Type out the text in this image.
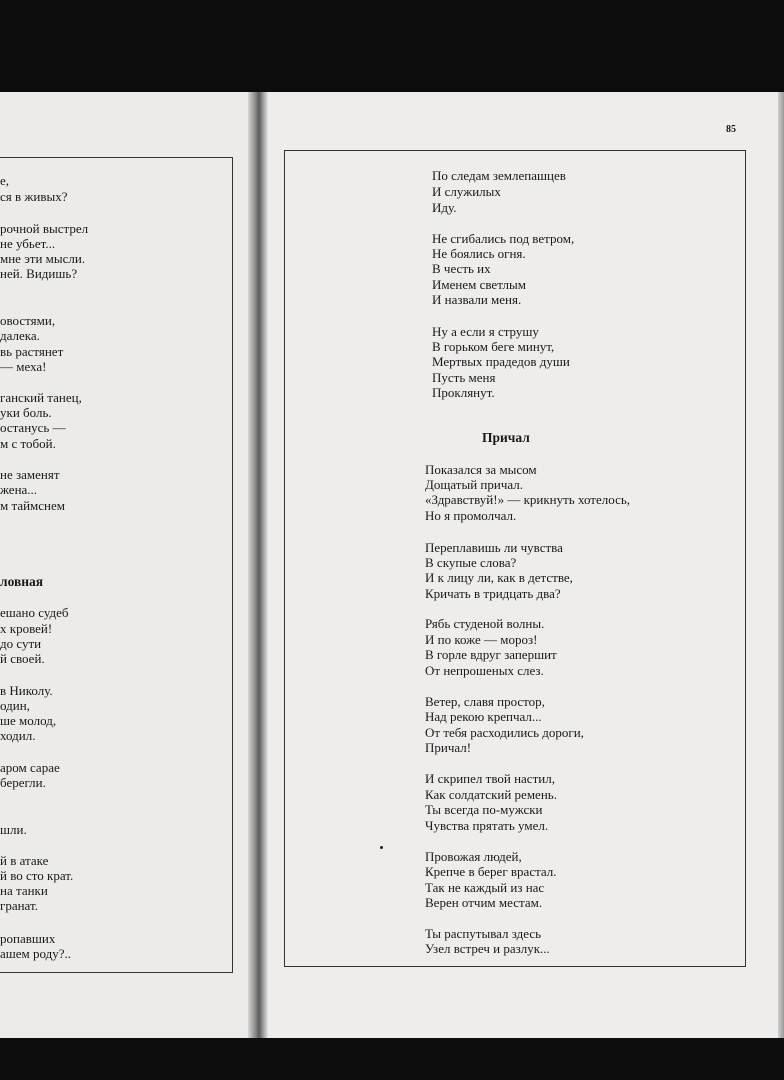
85
е,
ся в живых?
рочной выстрел
не убьет...
мне эти мысли.
ней. Видишь?
овостями,
далека.
вь растянет
— меха!
ганский танец,
уки боль.
останусь —
м с тобой.
не заменят
жена...
м таймснем
ловная
ешано судеб
х кровей!
до сути
й своей.
в Николу.
один,
ше молод,
ходил.
аром сарае
берегли.
шли.
й в атаке
й во сто крат.
на танки
гранат.
ропавших
ашем роду?..
По следам землепашцев
И служилых
Иду.
Не сгибались под ветром,
Не боялись огня.
В честь их
Именем светлым
И назвали меня.
Ну а если я струшу
В горьком беге минут,
Мертвых прадедов души
Пусть меня
Проклянут.
Причал
Показался за мысом
Дощатый причал.
«Здравствуй!» — крикнуть хотелось,
Но я промолчал.
Переплавишь ли чувства
В скупые слова?
И к лицу ли, как в детстве,
Кричать в тридцать два?
Рябь студеной волны.
И по коже — мороз!
В горле вдруг запершит
От непрошеных слез.
Ветер, славя простор,
Над рекою крепчал...
От тебя расходились дороги,
Причал!
И скрипел твой настил,
Как солдатский ремень.
Ты всегда по-мужски
Чувства прятать умел.
Провожая людей,
Крепче в берег врастал.
Так не каждый из нас
Верен отчим местам.
Ты распутывал здесь
Узел встреч и разлук...
